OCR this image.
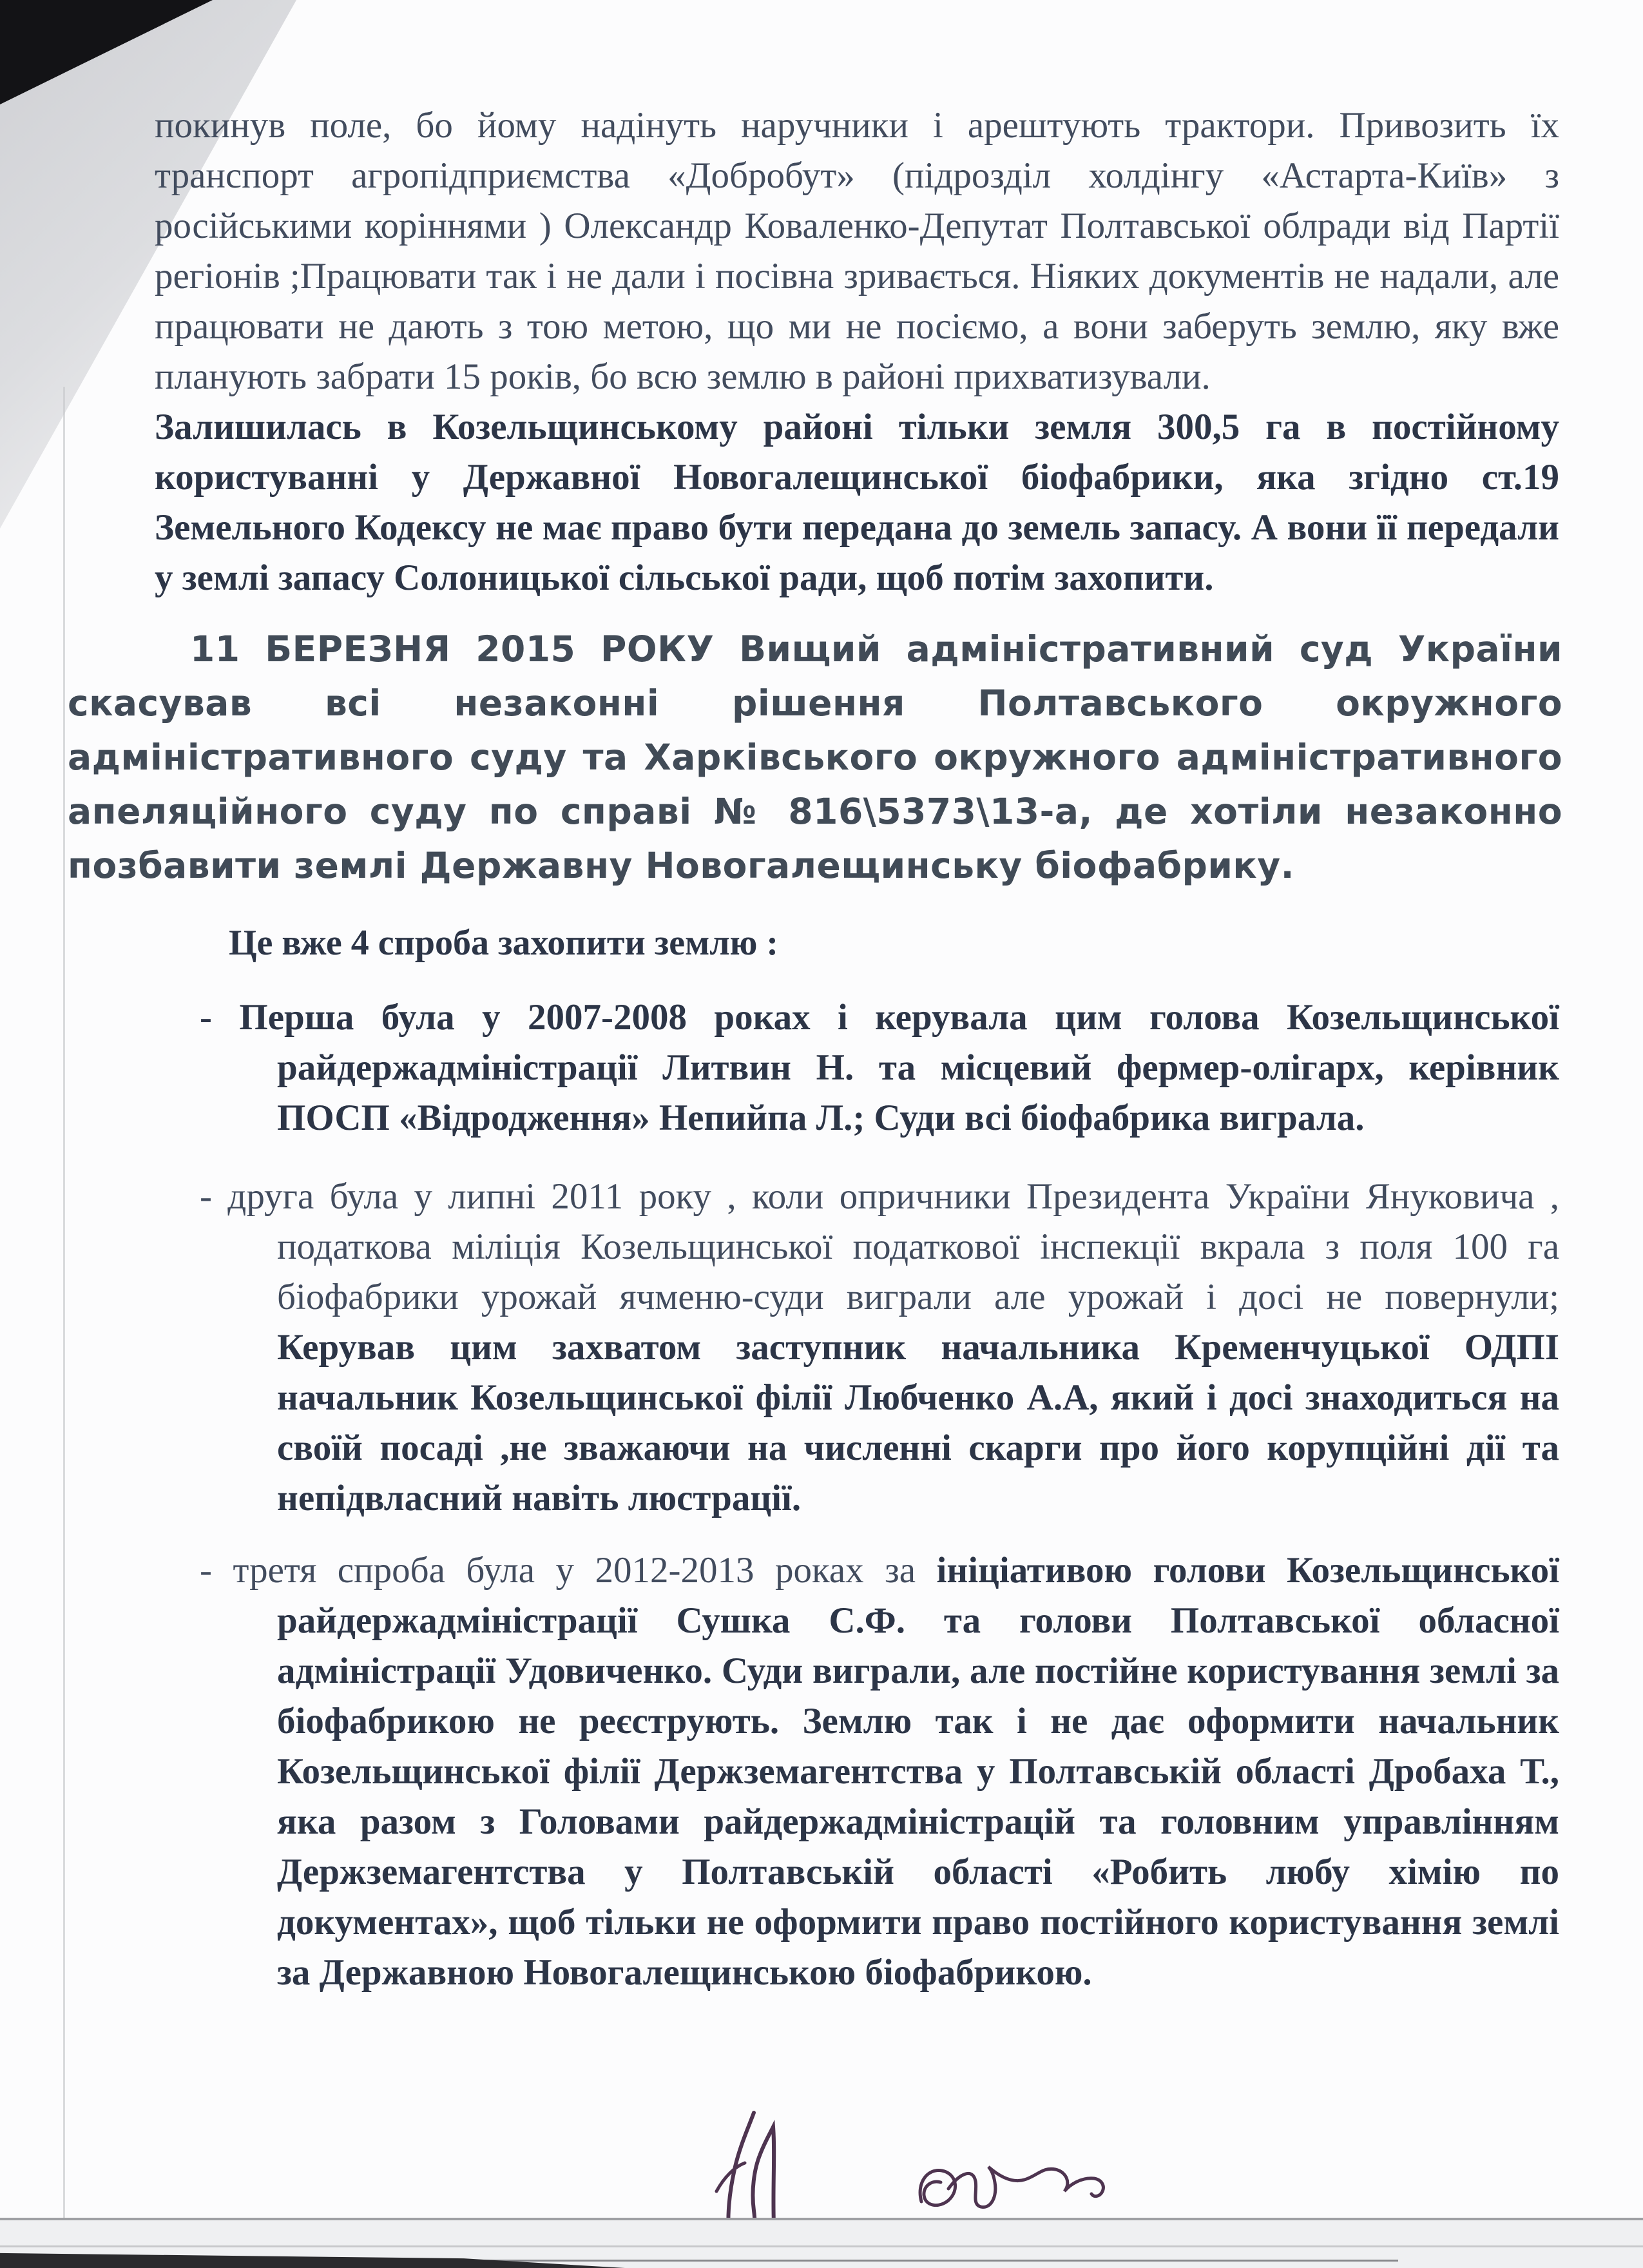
покинув поле, бо йому надінуть наручники і арештують трактори. Привозить їх транспорт агропідприємства «Добробут» (підрозділ холдінгу «Астарта-Київ» з російськими коріннями ) Олександр Коваленко-Депутат Полтавської облради від Партії регіонів ;Працювати так і не дали і посівна зривається. Ніяких документів не надали, але працювати не дають з тою метою, що ми не посіємо, а вони заберуть землю, яку вже планують забрати 15 років, бо всю землю в районі прихватизували.
Залишилась в Козельщинському районі тільки земля 300,5 га в постійному користуванні у Державної Новогалещинської біофабрики, яка згідно ст.19 Земельного Кодексу не має право бути передана до земель запасу. А вони її передали у землі запасу Солоницької сільської ради, щоб потім захопити.

11 БЕРЕЗНЯ 2015 РОКУ Вищий адміністративний суд України скасував всі незаконні рішення Полтавського окружного адміністративного суду та Харківського окружного адміністративного апеляційного суду по справі № 816\5373\13-а, де хотіли незаконно позбавити землі Державну Новогалещинську біофабрику.

Це вже 4 спроба захопити землю :

- Перша була у 2007-2008 роках і керувала цим голова Козельщинської райдержадміністрації Литвин Н. та місцевий фермер-олігарх, керівник ПОСП «Відродження» Непийпа Л.; Суди всі біофабрика виграла.

- друга була у липні 2011 року , коли опричники Президента України Януковича , податкова міліція Козельщинської податкової інспекції вкрала з поля 100 га біофабрики урожай ячменю-суди виграли але урожай і досі не повернули; Керував цим захватом заступник начальника Кременчуцької ОДПІ начальник Козельщинської філії Любченко А.А, який і досі знаходиться на своїй посаді ,не зважаючи на численні скарги про його корупційні дії та непідвласний навіть люстрації.

- третя спроба була у 2012-2013 роках за ініціативою голови Козельщинської райдержадміністрації Сушка С.Ф. та голови Полтавської обласної адміністрації Удовиченко. Суди виграли, але постійне користування землі за біофабрикою не реєструють. Землю так і не дає оформити начальник Козельщинської філії Держземагентства у Полтавській області Дробаха Т., яка разом з Головами райдержадміністрацій та головним управлінням Держземагентства у Полтавській області «Робить любу хімію по документах», щоб тільки не оформити право постійного користування землі за Державною Новогалещинською біофабрикою.
